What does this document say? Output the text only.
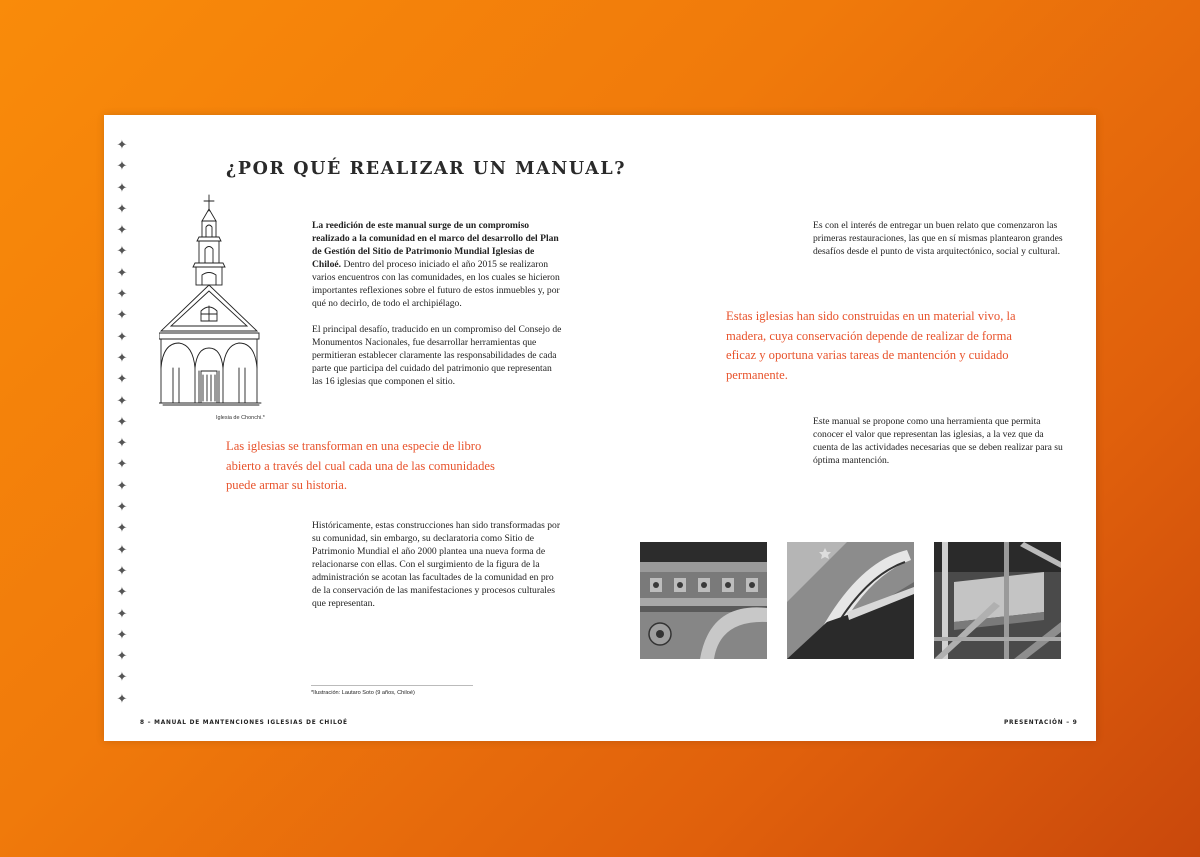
✦
✦
✦
✦
✦
✦
✦
✦
✦
✦
✦
✦
✦
✦
✦
✦
✦
✦
✦
✦
✦
✦
✦
✦
✦
✦
✦
¿POR QUÉ REALIZAR UN MANUAL?
Iglesia de Chonchi.*

La reedición de este manual surge de un compromiso realizado a la comunidad en el marco del desarrollo del Plan de Gestión del Sitio de Patrimonio Mundial Iglesias de Chiloé. Dentro del proceso iniciado el año 2015 se realizaron varios encuentros con las comunidades, en los cuales se hicieron importantes reflexiones sobre el futuro de estos inmuebles y, por qué no decirlo, de todo el archipiélago.

El principal desafío, traducido en un compromiso del Consejo de Monumentos Nacionales, fue desarrollar herramientas que permitieran establecer claramente las responsabilidades de cada parte que participa del cuidado del patrimonio que representan las 16 iglesias que componen el sitio.

Las iglesias se transforman en una especie de libro abierto a través del cual cada una de las comunidades puede armar su historia.

Históricamente, estas construcciones han sido transformadas por su comunidad, sin embargo, su declaratoria como Sitio de Patrimonio Mundial el año 2000 plantea una nueva forma de relacionarse con ellas. Con el surgimiento de la figura de la administración se acotan las facultades de la comunidad en pro de la conservación de las manifestaciones y procesos culturales que representan.

*Ilustración: Lautaro Soto (9 años, Chiloé)
8 – MANUAL DE MANTENCIONES IGLESIAS DE CHILOÉ

Es con el interés de entregar un buen relato que comenzaron las primeras restauraciones, las que en sí mismas plantearon grandes desafíos desde el punto de vista arquitectónico, social y cultural.

Estas iglesias han sido construidas en un material vivo, la madera, cuya conservación depende de realizar de forma eficaz y oportuna varias tareas de mantención y cuidado permanente.

Este manual se propone como una herramienta que permita conocer el valor que representan las iglesias, a la vez que da cuenta de las actividades necesarias que se deben realizar para su óptima mantención.

PRESENTACIÓN – 9
